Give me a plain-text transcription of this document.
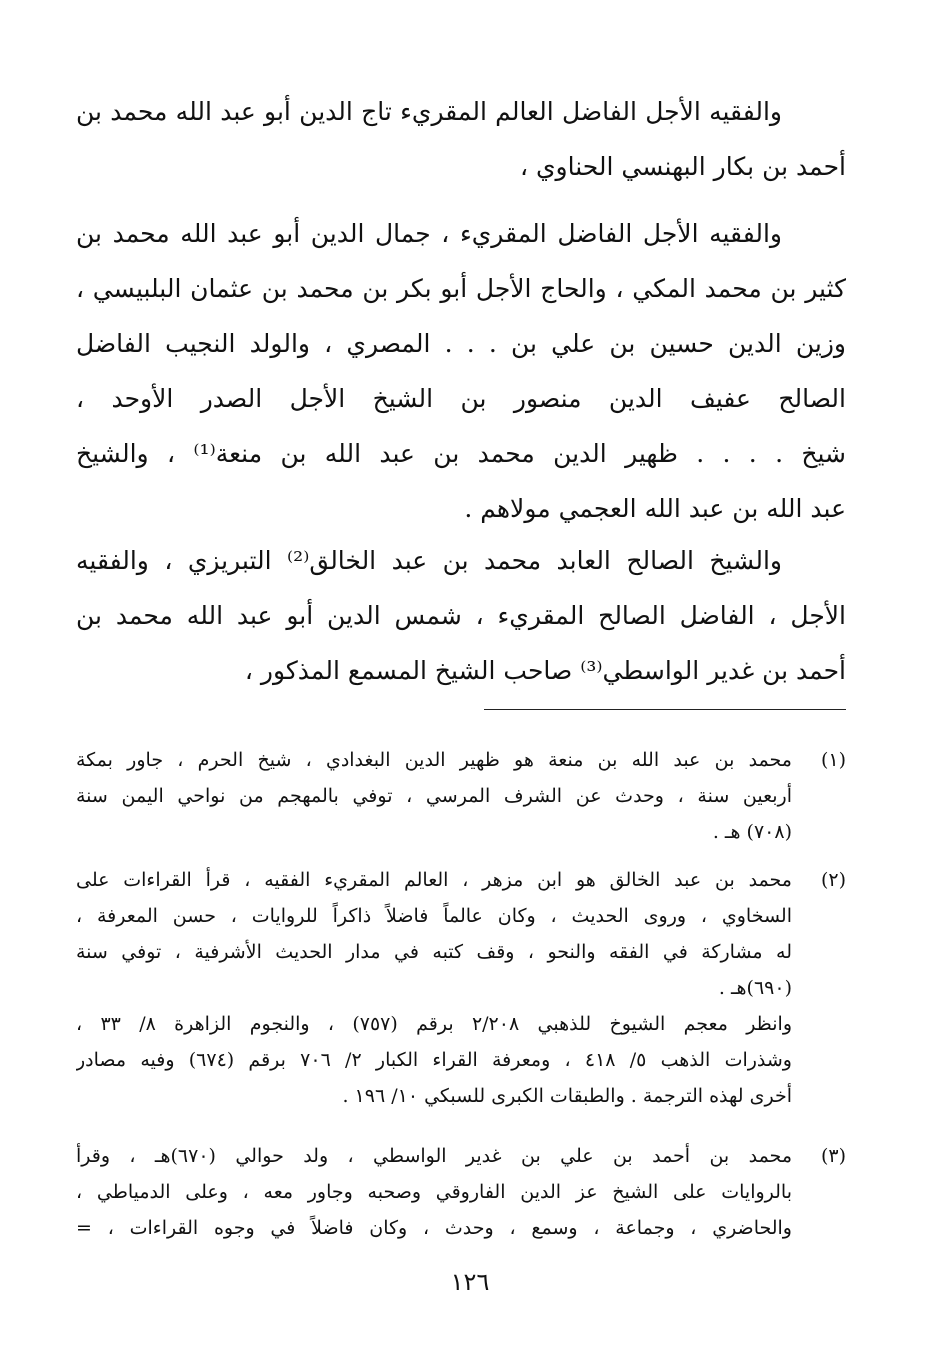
والفقيه الأجل الفاضل العالم المقريء تاج الدين أبو عبد الله محمد بن
أحمد بن بكار البهنسي الحناوي ،
والفقيه الأجل الفاضل المقريء ، جمال الدين أبو عبد الله محمد بن
كثير بن محمد المكي ، والحاج الأجل أبو بكر بن محمد بن عثمان البلبيسي ،
وزين الدين حسين بن علي بن . . . المصري ، والولد النجيب الفاضل
الصالح عفيف الدين منصور بن الشيخ الأجل الصدر الأوحد ،
شيخ . . . . ظهير الدين محمد بن عبد الله بن منعة⁽¹⁾ ، والشيخ
عبد الله بن عبد الله العجمي مولاهم .
والشيخ الصالح العابد محمد بن عبد الخالق⁽²⁾ التبريزي ، والفقيه
الأجل ، الفاضل الصالح المقريء ، شمس الدين أبو عبد الله محمد بن
أحمد بن غدير الواسطي⁽³⁾ صاحب الشيخ المسمع المذكور ،
(١)
محمد بن عبد الله بن منعة هو ظهير الدين البغدادي ، شيخ الحرم ، جاور بمكة
أربعين سنة ، وحدث عن الشرف المرسي ، توفي بالمهجم من نواحي اليمن سنة
(٧٠٨) هـ .
(٢)
محمد بن عبد الخالق هو ابن مزهر ، العالم المقريء الفقيه ، قرأ القراءات على
السخاوي ، وروى الحديث ، وكان عالماً فاضلاً ذاكراً للروايات ، حسن المعرفة ،
له مشاركة في الفقه والنحو ، وقف كتبه في مدار الحديث الأشرفية ، توفي سنة
(٦٩٠)هـ .
وانظر معجم الشيوخ للذهبي ٢/٢٠٨ برقم (٧٥٧) ، والنجوم الزاهرة ٨/ ٣٣ ،
وشذرات الذهب ٥/ ٤١٨ ، ومعرفة القراء الكبار ٢/ ٧٠٦ برقم (٦٧٤) وفيه مصادر
أخرى لهذه الترجمة . والطبقات الكبرى للسبكي ١٠/ ١٩٦ .
(٣)
محمد بن أحمد بن علي بن غدير الواسطي ، ولد حوالي (٦٧٠)هـ ، وقرأ
بالروايات على الشيخ عز الدين الفاروقي وصحبه وجاور معه ، وعلى الدمياطي ،
والحاضري ، وجماعة ، وسمع ، وحدث ، وكان فاضلاً في وجوه القراءات ، =
١٢٦
